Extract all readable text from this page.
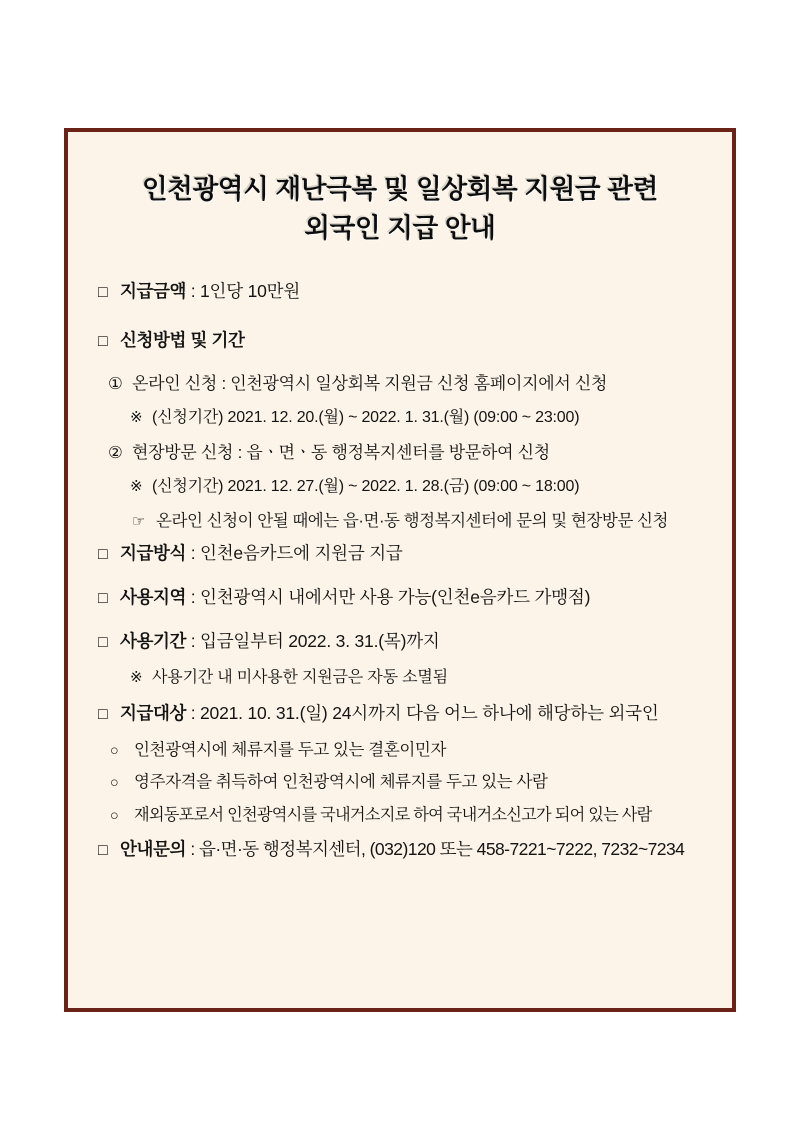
인천광역시 재난극복 및 일상회복 지원금 관련
외국인 지급 안내
□ 지급금액 : 1인당 10만원
□ 신청방법 및 기간
① 온라인 신청 : 인천광역시 일상회복 지원금 신청 홈페이지에서 신청
※ (신청기간) 2021. 12. 20.(월) ~ 2022. 1. 31.(월) (09:00 ~ 23:00)
② 현장방문 신청 : 읍ㆍ면ㆍ동 행정복지센터를 방문하여 신청
※ (신청기간) 2021. 12. 27.(월) ~ 2022. 1. 28.(금) (09:00 ~ 18:00)
☞ 온라인 신청이 안될 때에는 읍·면·동 행정복지센터에 문의 및 현장방문 신청
□ 지급방식 : 인천e음카드에 지원금 지급
□ 사용지역 : 인천광역시 내에서만 사용 가능(인천e음카드 가맹점)
□ 사용기간 : 입금일부터 2022. 3. 31.(목)까지
※ 사용기간 내 미사용한 지원금은 자동 소멸됨
□ 지급대상 : 2021. 10. 31.(일) 24시까지 다음 어느 하나에 해당하는 외국인
○ 인천광역시에 체류지를 두고 있는 결혼이민자
○ 영주자격을 취득하여 인천광역시에 체류지를 두고 있는 사람
○ 재외동포로서 인천광역시를 국내거소지로 하여 국내거소신고가 되어 있는 사람
□ 안내문의 : 읍·면·동 행정복지센터, (032)120 또는 458-7221~7222, 7232~7234
